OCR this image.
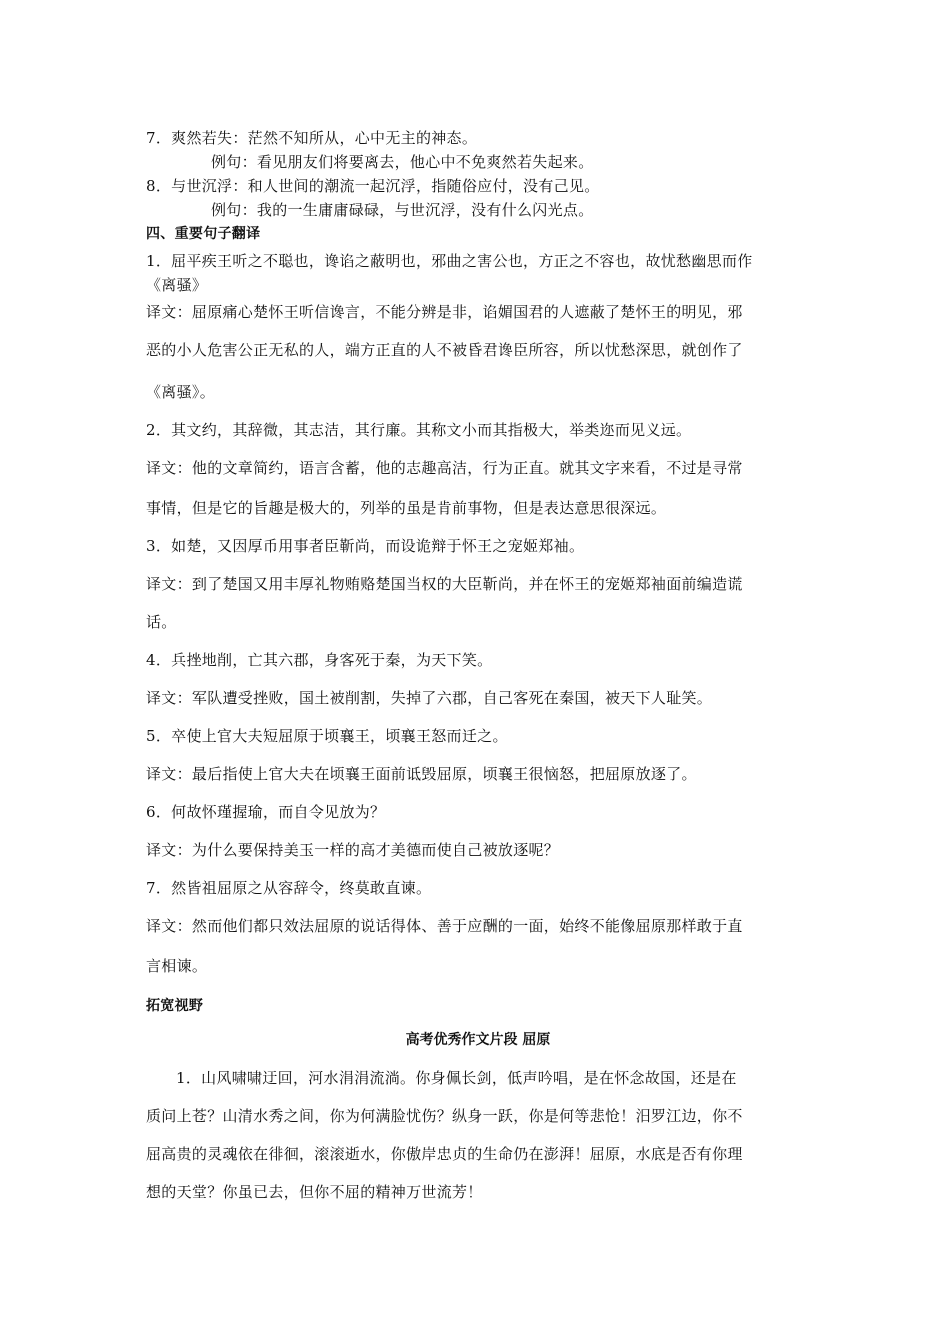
7．爽然若失：茫然不知所从，心中无主的神态。
例句：看见朋友们将要离去，他心中不免爽然若失起来。
8．与世沉浮：和人世间的潮流一起沉浮，指随俗应付，没有己见。
例句：我的一生庸庸碌碌，与世沉浮，没有什么闪光点。
四、重要句子翻译
1．屈平疾王听之不聪也，谗谄之蔽明也，邪曲之害公也，方正之不容也，故忧愁幽思而作
《离骚》
译文：屈原痛心楚怀王听信谗言，不能分辨是非，谄媚国君的人遮蔽了楚怀王的明见，邪
恶的小人危害公正无私的人，端方正直的人不被昏君谗臣所容，所以忧愁深思，就创作了
《离骚》。
2．其文约，其辞微，其志洁，其行廉。其称文小而其指极大，举类迩而见义远。
译文：他的文章简约，语言含蓄，他的志趣高洁，行为正直。就其文字来看，不过是寻常
事情，但是它的旨趣是极大的，列举的虽是肯前事物，但是表达意思很深远。
3．如楚，又因厚币用事者臣靳尚，而设诡辩于怀王之宠姬郑袖。
译文：到了楚国又用丰厚礼物贿赂楚国当权的大臣靳尚，并在怀王的宠姬郑袖面前编造谎
话。
4．兵挫地削，亡其六郡，身客死于秦，为天下笑。
译文：军队遭受挫败，国土被削割，失掉了六郡，自己客死在秦国，被天下人耻笑。
5．卒使上官大夫短屈原于顷襄王，顷襄王怒而迁之。
译文：最后指使上官大夫在顷襄王面前诋毁屈原，顷襄王很恼怒，把屈原放逐了。
6．何故怀瑾握瑜，而自令见放为？
译文：为什么要保持美玉一样的高才美德而使自己被放逐呢？
7．然皆祖屈原之从容辞令，终莫敢直谏。
译文：然而他们都只效法屈原的说话得体、善于应酬的一面，始终不能像屈原那样敢于直
言相谏。
拓宽视野
高考优秀作文片段 屈原
1．山风啸啸迂回，河水涓涓流淌。你身佩长剑，低声吟唱，是在怀念故国，还是在
质问上苍？山清水秀之间，你为何满脸忧伤？纵身一跃，你是何等悲怆！汨罗江边，你不
屈高贵的灵魂依在徘徊，滚滚逝水，你傲岸忠贞的生命仍在澎湃！屈原，水底是否有你理
想的天堂？你虽已去，但你不屈的精神万世流芳！
